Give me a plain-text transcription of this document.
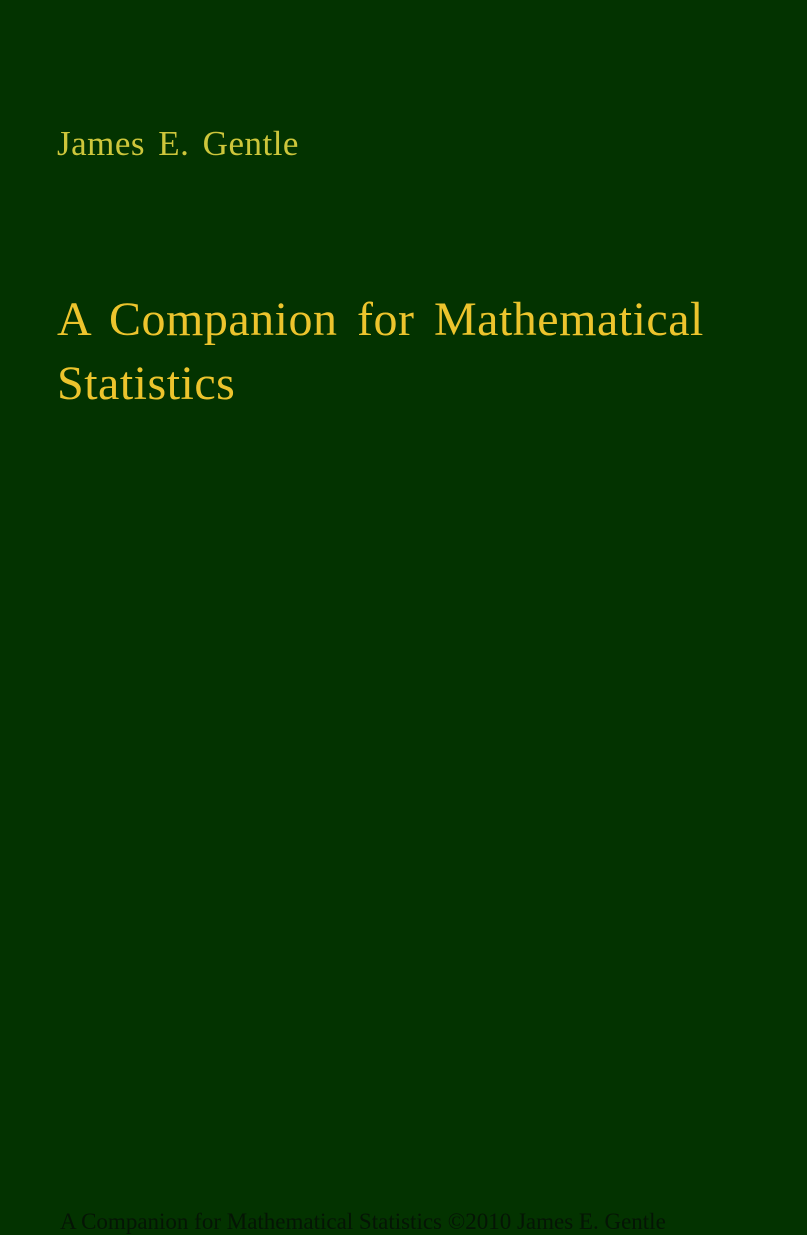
James E. Gentle
A Companion for Mathematical Statistics
A Companion for Mathematical Statistics ©2010 James E. Gentle
